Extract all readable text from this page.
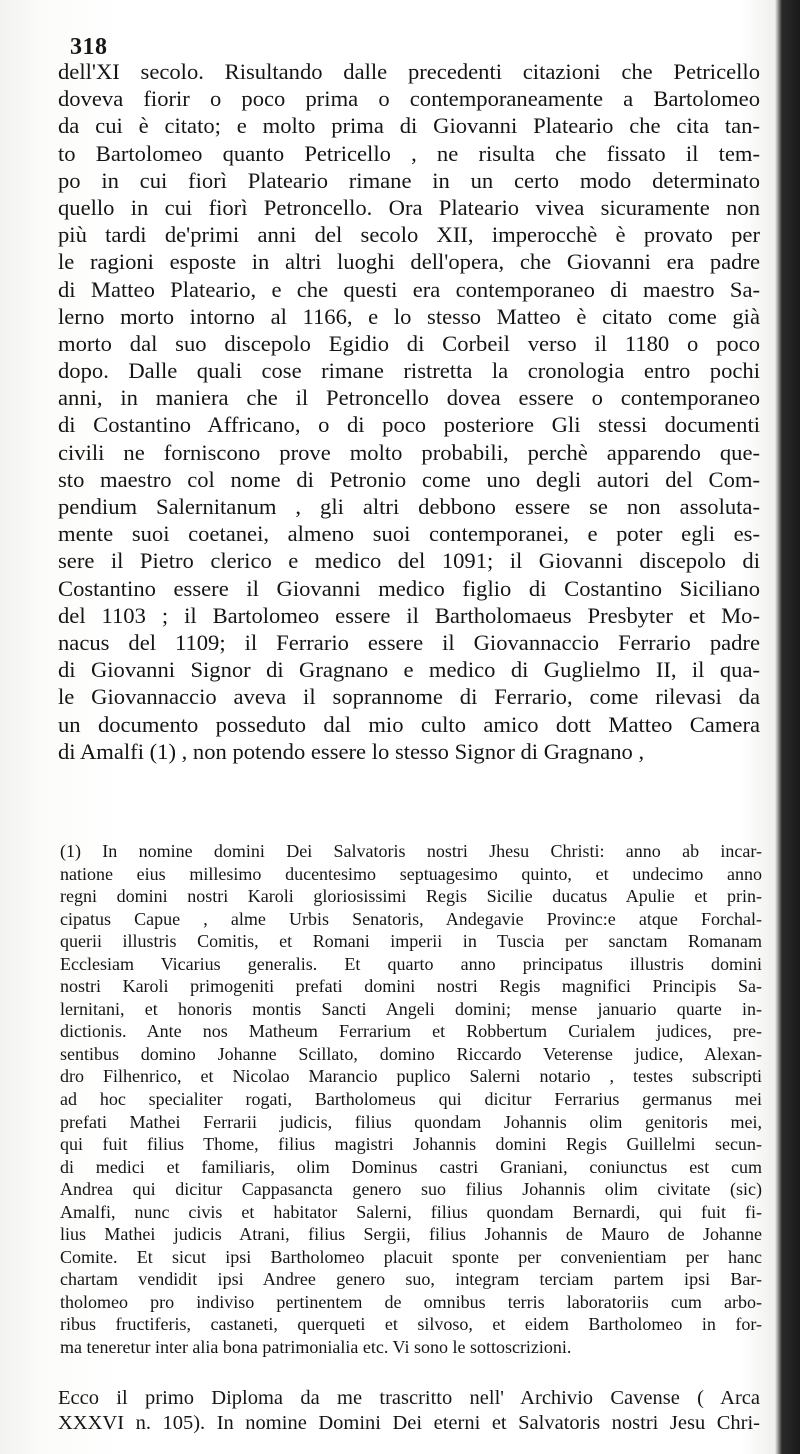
318
dell'XI secolo. Risultando dalle precedenti citazioni che Petricello
doveva fiorir o poco prima o contemporaneamente a Bartolomeo
da cui è citato; e molto prima di Giovanni Plateario che cita tan-
to Bartolomeo quanto Petricello , ne risulta che fissato il tem-
po in cui fiorì Plateario rimane in un certo modo determinato
quello in cui fiorì Petroncello. Ora Plateario vivea sicuramente non
più tardi de'primi anni del secolo XII, imperocchè è provato per
le ragioni esposte in altri luoghi dell'opera, che Giovanni era padre
di Matteo Plateario, e che questi era contemporaneo di maestro Sa-
lerno morto intorno al 1166, e lo stesso Matteo è citato come già
morto dal suo discepolo Egidio di Corbeil verso il 1180 o poco
dopo. Dalle quali cose rimane ristretta la cronologia entro pochi
anni, in maniera che il Petroncello dovea essere o contemporaneo
di Costantino Affricano, o di poco posteriore Gli stessi documenti
civili ne forniscono prove molto probabili, perchè apparendo que-
sto maestro col nome di Petronio come uno degli autori del Com-
pendium Salernitanum , gli altri debbono essere se non assoluta-
mente suoi coetanei, almeno suoi contemporanei, e poter egli es-
sere il Pietro clerico e medico del 1091; il Giovanni discepolo di
Costantino essere il Giovanni medico figlio di Costantino Siciliano
del 1103 ; il Bartolomeo essere il Bartholomaeus Presbyter et Mo-
nacus del 1109; il Ferrario essere il Giovannaccio Ferrario padre
di Giovanni Signor di Gragnano e medico di Guglielmo II, il qua-
le Giovannaccio aveva il soprannome di Ferrario, come rilevasi da
un documento posseduto dal mio culto amico dott Matteo Camera
di Amalfi (1) , non potendo essere lo stesso Signor di Gragnano ,
(1) In nomine domini Dei Salvatoris nostri Jhesu Christi: anno ab incar-
natione eius millesimo ducentesimo septuagesimo quinto, et undecimo anno
regni domini nostri Karoli gloriosissimi Regis Sicilie ducatus Apulie et prin-
cipatus Capue , alme Urbis Senatoris, Andegavie Provinc:e atque Forchal-
querii illustris Comitis, et Romani imperii in Tuscia per sanctam Romanam
Ecclesiam Vicarius generalis. Et quarto anno principatus illustris domini
nostri Karoli primogeniti prefati domini nostri Regis magnifici Principis Sa-
lernitani, et honoris montis Sancti Angeli domini; mense januario quarte in-
dictionis. Ante nos Matheum Ferrarium et Robbertum Curialem judices, pre-
sentibus domino Johanne Scillato, domino Riccardo Veterense judice, Alexan-
dro Filhenrico, et Nicolao Marancio puplico Salerni notario , testes subscripti
ad hoc specialiter rogati, Bartholomeus qui dicitur Ferrarius germanus mei
prefati Mathei Ferrarii judicis, filius quondam Johannis olim genitoris mei,
qui fuit filius Thome, filius magistri Johannis domini Regis Guillelmi secun-
di medici et familiaris, olim Dominus castri Graniani, coniunctus est cum
Andrea qui dicitur Cappasancta genero suo filius Johannis olim civitate (sic)
Amalfi, nunc civis et habitator Salerni, filius quondam Bernardi, qui fuit fi-
lius Mathei judicis Atrani, filius Sergii, filius Johannis de Mauro de Johanne
Comite. Et sicut ipsi Bartholomeo placuit sponte per convenientiam per hanc
chartam vendidit ipsi Andree genero suo, integram terciam partem ipsi Bar-
tholomeo pro indiviso pertinentem de omnibus terris laboratoriis cum arbo-
ribus fructiferis, castaneti, querqueti et silvoso, et eidem Bartholomeo in for-
ma teneretur inter alia bona patrimonialia etc. Vi sono le sottoscrizioni.
Ecco il primo Diploma da me trascritto nell' Archivio Cavense ( Arca
XXXVI n. 105). In nomine Domini Dei eterni et Salvatoris nostri Jesu Chri-
